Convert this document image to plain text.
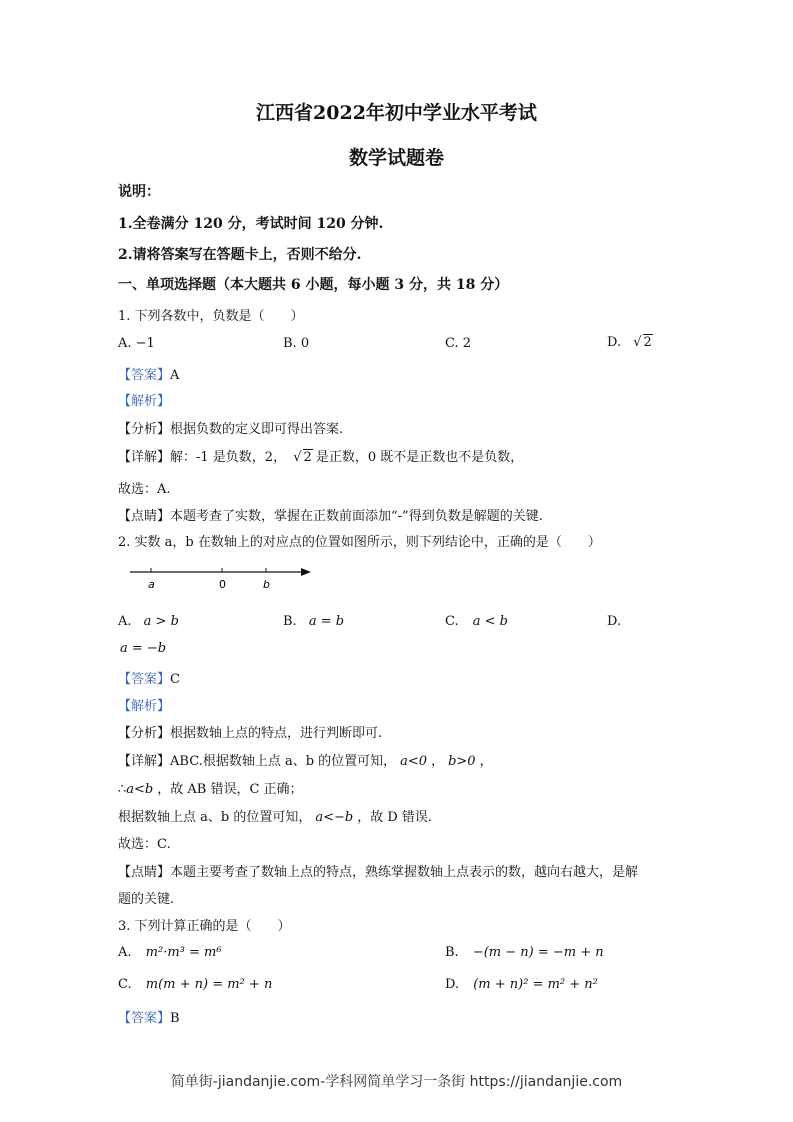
江西省2022年初中学业水平考试
数学试题卷
说明：
1.全卷满分 120 分，考试时间 120 分钟.
2.请将答案写在答题卡上，否则不给分.
一、单项选择题（本大题共 6 小题，每小题 3 分，共 18 分）
1. 下列各数中，负数是（　　）
A. −1	B. 0	C. 2	D. √ 2
【答案】A
【解析】
【分析】根据负数的定义即可得出答案.
【详解】解：-1 是负数，2， √ 2 是正数，0 既不是正数也不是负数，
故选：A.
【点睛】本题考查了实数，掌握在正数前面添加“-”得到负数是解题的关键.
2. 实数 a，b 在数轴上的对应点的位置如图所示，则下列结论中，正确的是（　　）
a	0	b
A. a > b	B. a = b	C. a < b	D.
a = −b
【答案】C
【解析】
【分析】根据数轴上点的特点，进行判断即可.
【详解】ABC.根据数轴上点 a、b 的位置可知， a<0 ， b>0 ，
∴a<b ，故 AB 错误，C 正确；
根据数轴上点 a、b 的位置可知， a<−b ，故 D 错误.
故选：C.
【点睛】本题主要考查了数轴上点的特点，熟练掌握数轴上点表示的数，越向右越大，是解
题的关键.
3. 下列计算正确的是（　　）
A. m²·m³ = m⁶	B. −(m − n) = −m + n
C. m(m + n) = m² + n	D. (m + n)² = m² + n²
【答案】B
简单街-jiandanjie.com-学科网简单学习一条街 https://jiandanjie.com
